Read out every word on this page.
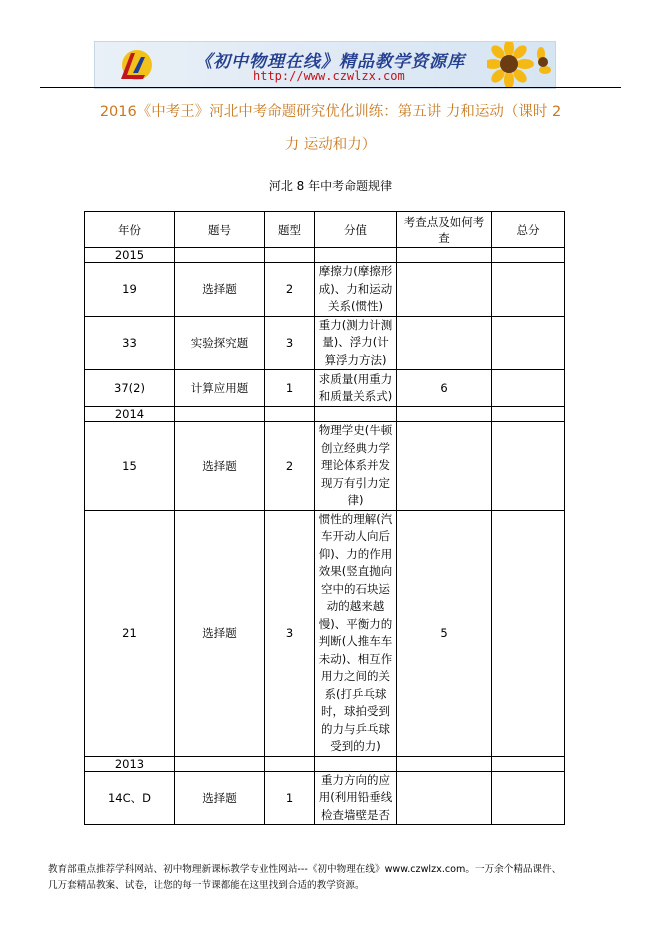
《初中物理在线》精品教学资源库
http://www.czwlzx.com
2016《中考王》河北中考命题研究优化训练：第五讲 力和运动（课时 2
力 运动和力）
河北 8 年中考命题规律
年份	题号	题型	分值	考查点及如何考查	总分
2015					
19	选择题	2	摩擦力(摩擦形成)、力和运动关系(惯性)		
33	实验探究题	3	重力(测力计测量)、浮力(计算浮力方法)		
37(2)	计算应用题	1	求质量(用重力和质量关系式)	6	
2014					
15	选择题	2	物理学史(牛顿创立经典力学理论体系并发现万有引力定律)		
21	选择题	3	惯性的理解(汽车开动人向后仰)、力的作用效果(竖直抛向空中的石块运动的越来越慢)、平衡力的判断(人推车车未动)、相互作用力之间的关系(打乒乓球时，球拍受到的力与乒乓球受到的力)	5	
2013					
14C、D	选择题	1	重力方向的应用(利用铅垂线检查墙壁是否		
教育部重点推荐学科网站、初中物理新课标教学专业性网站---《初中物理在线》www.czwlzx.com。一万余个精品课件、
几万套精品教案、试卷，让您的每一节课都能在这里找到合适的教学资源。
